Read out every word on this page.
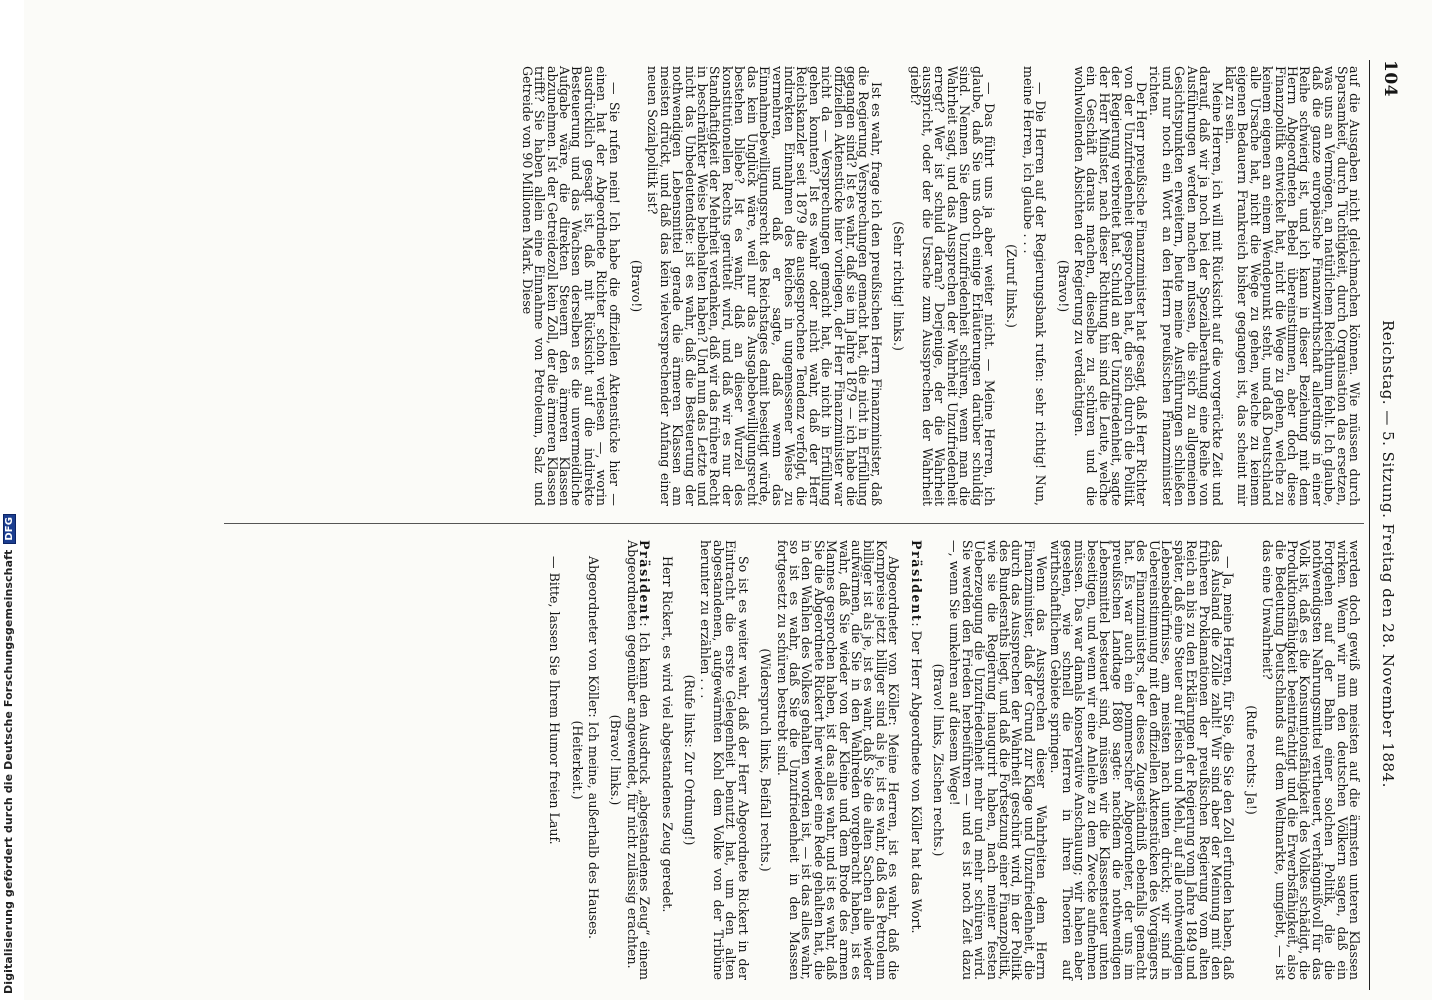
104
Reichstag. — 5. Sitzung. Freitag den 28. November 1884.

auf die Ausgaben nicht gleichmachen können. Wie müssen durch Sparsamkeit, durch Tüchtigkeit, durch Organisation das ersetzen, was uns an Vermögen, an natürlichem Reichthum fehlt. Ich glaube, daß die ganze europäische Finanzwirthschaft allerdings in einer Reihe schwierig ist, und ich kann in dieser Beziehung mit dem Herrn Abgeordneten Bebel übereinstimmen, aber doch diese Finanzpolitik entwickelt hat, nicht die Wege zu gehen, welche zu keinem eigenen an einem Wendepunkt steht, und daß Deutschland alle Ursache hat, nicht die Wege zu gehen, welche zu keinem eigenen Bedauern Frankreich bisher gegangen ist, das scheint mir klar zu sein.

Meine Herren, ich will mit Rücksicht auf die vorgerückte Zeit und darauf, daß wir ja noch bei der Spezialberathung eine Reihe von Ausführungen werden machen müssen, die sich zu allgemeinen Gesichtspunkten erweitern, heute meine Ausführungen schließen und nur noch ein Wort an den Herrn preußischen Finanzminister richten.

Der Herr preußische Finanzminister hat gesagt, daß Herr Richter von der Unzufriedenheit gesprochen hat, die sich durch die Politik der Regierung verbreitet hat. Schuld an der Unzufriedenheit, sagte der Herr Minister, nach dieser Richtung hin sind die Leute, welche ein Geschäft daraus machen, dieselbe zu schüren und die wohlwollenden Absichten der Regierung zu verdächtigen.

(Bravo!)

— Die Herren auf der Regierungsbank rufen: sehr richtig! Nun, meine Herren, ich glaube . . .

(Zuruf links.)

— Das führt uns ja aber weiter nicht. — Meine Herren, ich glaube, daß Sie uns doch einige Erläuterungen darüber schuldig sind. Nennen Sie denn Unzufriedenheit schüren, wenn man die Wahrheit sagt, und das Aussprechen der Wahrheit Unzufriedenheit erregt? Wer ist schuld daran? Derjenige, der die Wahrheit ausspricht, oder der die Ursache zum Aussprechen der Wahrheit giebt?

(Sehr richtig! links.)

Ist es wahr, frage ich den preußischen Herrn Finanzminister, daß die Regierung Versprechungen gemacht hat, die nicht in Erfüllung gegangen sind? Ist es wahr, daß sie im Jahre 1879 — ich habe die offiziellen Aktenstücke hier vorliegen, der Herr Finanzminister war nicht da — Versprechungen gemacht hat, die nicht in Erfüllung gehen konnten? Ist es wahr oder nicht wahr, daß der Herr Reichskanzler seit 1879 die ausgesprochene Tendenz verfolgt, die indirekten Einnahmen des Reiches in ungemessener Weise zu vermehren, und daß er sagte, daß wenn das Einnahmebewilligungsrecht des Reichstages damit beseitigt würde, das kein Unglück wäre, weil nur das Ausgabebewilligungsrecht bestehen bliebe? Ist es wahr, daß an dieser Wurzel des konstitutionellen Rechts gerüttelt wird, und daß wir es nur der Standhaftigkeit der Mehrheit verdanken, daß wir das frühere Recht in beschränkter Weise beibehalten haben? Und nun das Letzte und nicht das Unbedeutendste: ist es wahr, daß die Besteuerung der nothwendigen Lebensmittel gerade die ärmeren Klassen am meisten drückt, und daß das kein vielversprechender Anfang einer neuen Sozialpolitik ist?

(Bravo!)

— Sie rufen nein! Ich habe die offiziellen Aktenstücke hier — einen hat der Abgeordnete Richter schon verlesen —, worin ausdrücklich gesagt ist, daß mit Rücksicht auf die indirekte Besteuerung und das Wachsen derselben es die unvermeidliche Aufgabe wäre, die direkten Steuern den ärmeren Klassen abzunehmen. Ist der Getreidezoll kein Zoll, der die ärmeren Klassen trifft? Sie haben allein eine Einnahme von Petroleum, Salz und Getreide von 90 Millionen Mark. Diese

werden doch gewiß am meisten auf die ärmsten unteren Klassen wirken. Wenn wir nun den deutschen Völkern sagen, daß ein Fortgehen auf der Bahn einer solchen Politik, die die nothwendigsten Nahrungsmittel vertheuert, verhängnißvoll für das Volk ist, daß es die Konsumtionsfähigkeit des Volkes schädigt, die Produktionsfähigkeit beeinträchtigt und die Erwerbsfähigkeit, also die Bedeutung Deutschlands auf dem Weltmarkte, umgiebt, — ist das eine Unwahrheit?

(Rufe rechts: Ja!)

— Ja, meine Herren, für Sie, die Sie den Zoll erfunden haben, daß das Ausland die Zölle zahlt! Wir sind aber der Meinung mit den früheren Proklamationen der preußischen Regierung vom alten Reich an bis zu den Erklärungen der Regierung vom Jahre 1849 und später, daß eine Steuer auf Fleisch und Mehl, auf alle nothwendigen Lebensbedürfnisse, am meisten nach unten drückt; wir sind in Uebereinstimmung mit den offiziellen Aktenstücken des Vorgängers des Finanzministers, der dieses Zugeständniß ebenfalls gemacht hat. Es war auch ein pommerscher Abgeordneter, der uns im preußischen Landtage 1880 sagte: nachdem die nothwendigen Lebensmittel besteuert sind, müssen wir die Klassensteuer unten beseitigen, und wenn wir eine Anleihe zu dem Zwecke aufnehmen müssen. Das war damals konservative Anschauung; wir haben aber gesehen, wie schnell die Herren in ihren Theorien auf wirthschaftlichem Gebiete springen.

Wenn das Aussprechen dieser Wahrheiten dem Herrn Finanzminister, daß der Grund zur Klage und Unzufriedenheit, die durch das Aussprechen der Wahrheit geschürt wird, in der Politik des Bundesraths liegt, und daß die Fortsetzung einer Finanzpolitik, wie sie die Regierung inaugurirt haben, nach meiner festen Ueberzeugung die Unzufriedenheit mehr und mehr schüren wird. Sie werden den Frieden herbeiführen — und es ist noch Zeit dazu —, wenn Sie umkehren auf diesem Wege!

(Bravo! links, Zischen rechts.)

Präsident: Der Herr Abgeordnete von Köller hat das Wort.

Abgeordneter von Köller: Meine Herren, ist es wahr, daß die Kornpreise jetzt billiger sind als je, ist es wahr, daß das Petroleum billiger ist als je, ist es wahr, daß Sie die alten Sachen alle wieder aufwärmen, die Sie in den Wahlreden vorgebracht haben, ist es wahr, daß Sie wieder von der Kleine und dem Brode des armen Mannes gesprochen haben, ist das alles wahr, und ist es wahr, daß Sie die Abgeordnete Rickert hier wieder eine Rede gehalten hat, die in den Wahlen des Volkes gehalten worden ist, — ist das alles wahr, so ist es wahr, daß Sie die Unzufriedenheit in den Massen fortgesetzt zu schüren bestrebt sind.

(Widerspruch links, Beifall rechts.)

So ist es weiter wahr, daß der Herr Abgeordnete Rickert in der Eintracht die erste Gelegenheit benutzt hat, um den alten abgestandenen, aufgewärmten Kohl dem Volke von der Tribüne herunter zu erzählen . . .

(Rufe links: Zur Ordnung!)

Herr Rickert, es wird viel abgestandenes Zeug geredet.

Präsident: Ich kann den Ausdruck „abgestandenes Zeug“ einem Abgeordneten gegenüber angewendet, für nicht zulässig erachten.

(Bravo! links.)

Abgeordneter von Köller: Ich meine, außerhalb des Hauses.

(Heiterkeit.)

— Bitte, lassen Sie Ihrem Humor freien Lauf.

Digitalisierung gefördert durch die Deutsche ForschungsgemeinschaftDFG
